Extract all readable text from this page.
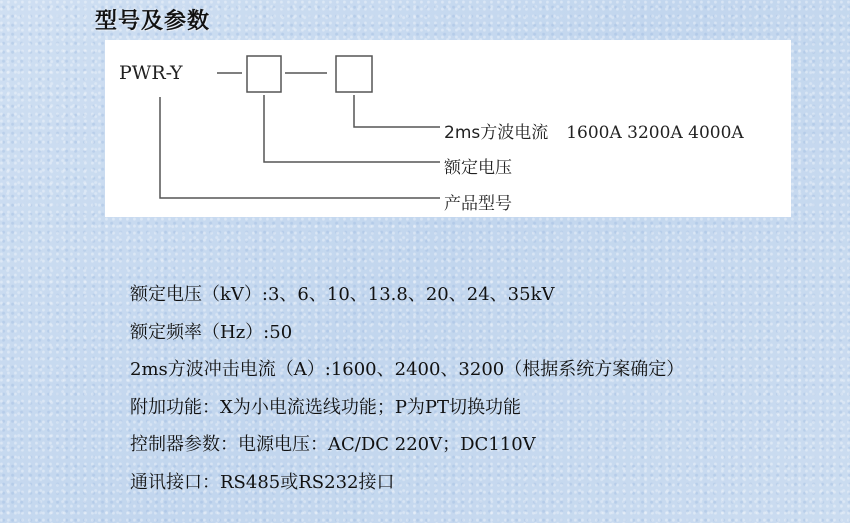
型号及参数
PWR-Y
2ms方波电流 1600A 3200A 4000A
额定电压
产品型号
额定电压（kV）:3、6、10、13.8、20、24、35kV
额定频率（Hz）:50
2ms方波冲击电流（A）:1600、2400、3200（根据系统方案确定）
附加功能：X为小电流选线功能；P为PT切换功能
控制器参数：电源电压：AC/DC 220V；DC110V
通讯接口：RS485或RS232接口
